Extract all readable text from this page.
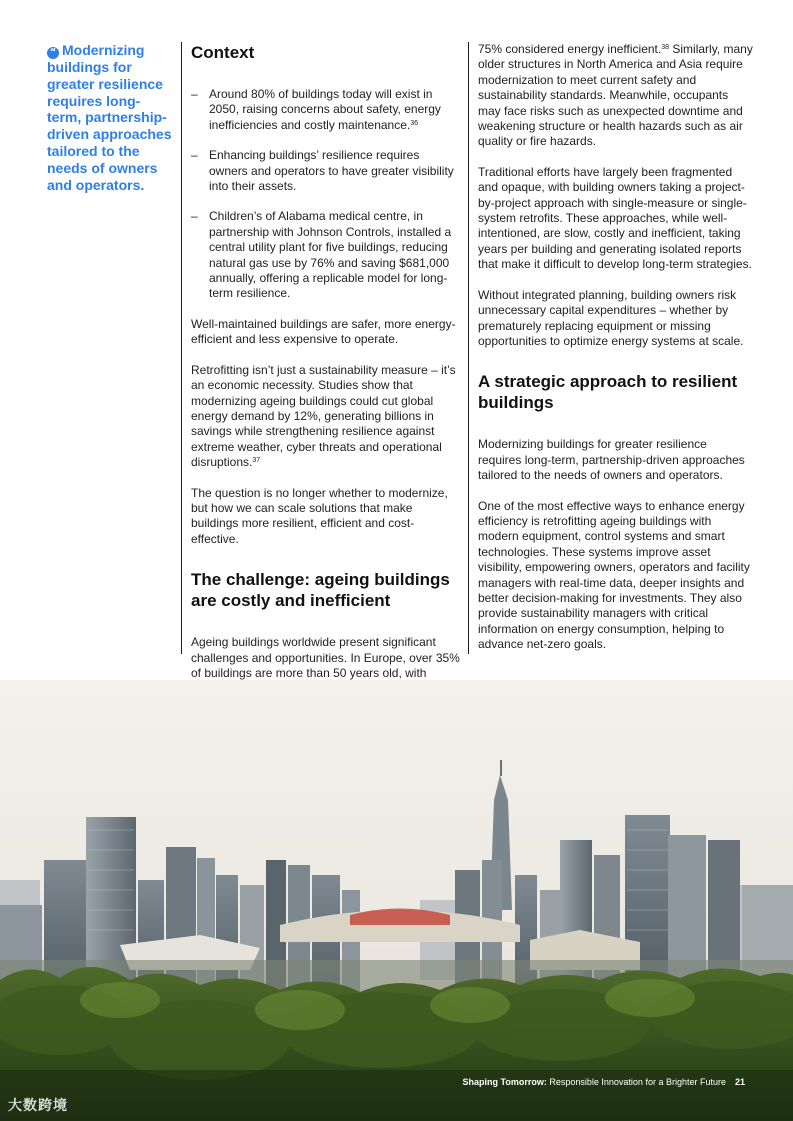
“ Modernizing buildings for greater resilience requires long-term, partnership-driven approaches tailored to the needs of owners and operators.
Context
– Around 80% of buildings today will exist in 2050, raising concerns about safety, energy inefficiencies and costly maintenance.$^{36}$
– Enhancing buildings’ resilience requires owners and operators to have greater visibility into their assets.
– Children’s of Alabama medical centre, in partnership with Johnson Controls, installed a central utility plant for five buildings, reducing natural gas use by 76% and saving $681,000 annually, offering a replicable model for long-term resilience.

Well-maintained buildings are safer, more energy-efficient and less expensive to operate.

Retrofitting isn’t just a sustainability measure – it’s an economic necessity. Studies show that modernizing ageing buildings could cut global energy demand by 12%, generating billions in savings while strengthening resilience against extreme weather, cyber threats and operational disruptions.$^{37}$

The question is no longer whether to modernize, but how we can scale solutions that make buildings more resilient, efficient and cost-effective.

The challenge: ageing buildings are costly and inefficient

Ageing buildings worldwide present significant challenges and opportunities. In Europe, over 35% of buildings are more than 50 years old, with

75% considered energy inefficient.$^{38}$ Similarly, many older structures in North America and Asia require modernization to meet current safety and sustainability standards. Meanwhile, occupants may face risks such as unexpected downtime and weakening structure or health hazards such as air quality or fire hazards.

Traditional efforts have largely been fragmented and opaque, with building owners taking a project-by-project approach with single-measure or single-system retrofits. These approaches, while well-intentioned, are slow, costly and inefficient, taking years per building and generating isolated reports that make it difficult to develop long-term strategies.

Without integrated planning, building owners risk unnecessary capital expenditures – whether by prematurely replacing equipment or missing opportunities to optimize energy systems at scale.

A strategic approach to resilient buildings

Modernizing buildings for greater resilience requires long-term, partnership-driven approaches tailored to the needs of owners and operators.

One of the most effective ways to enhance energy efficiency is retrofitting ageing buildings with modern equipment, control systems and smart technologies. These systems improve asset visibility, empowering owners, operators and facility managers with real-time data, deeper insights and better decision-making for investments. They also provide sustainability managers with critical information on energy consumption, helping to advance net-zero goals.

Shaping Tomorrow: Responsible Innovation for a Brighter Future 21
大数跨境
